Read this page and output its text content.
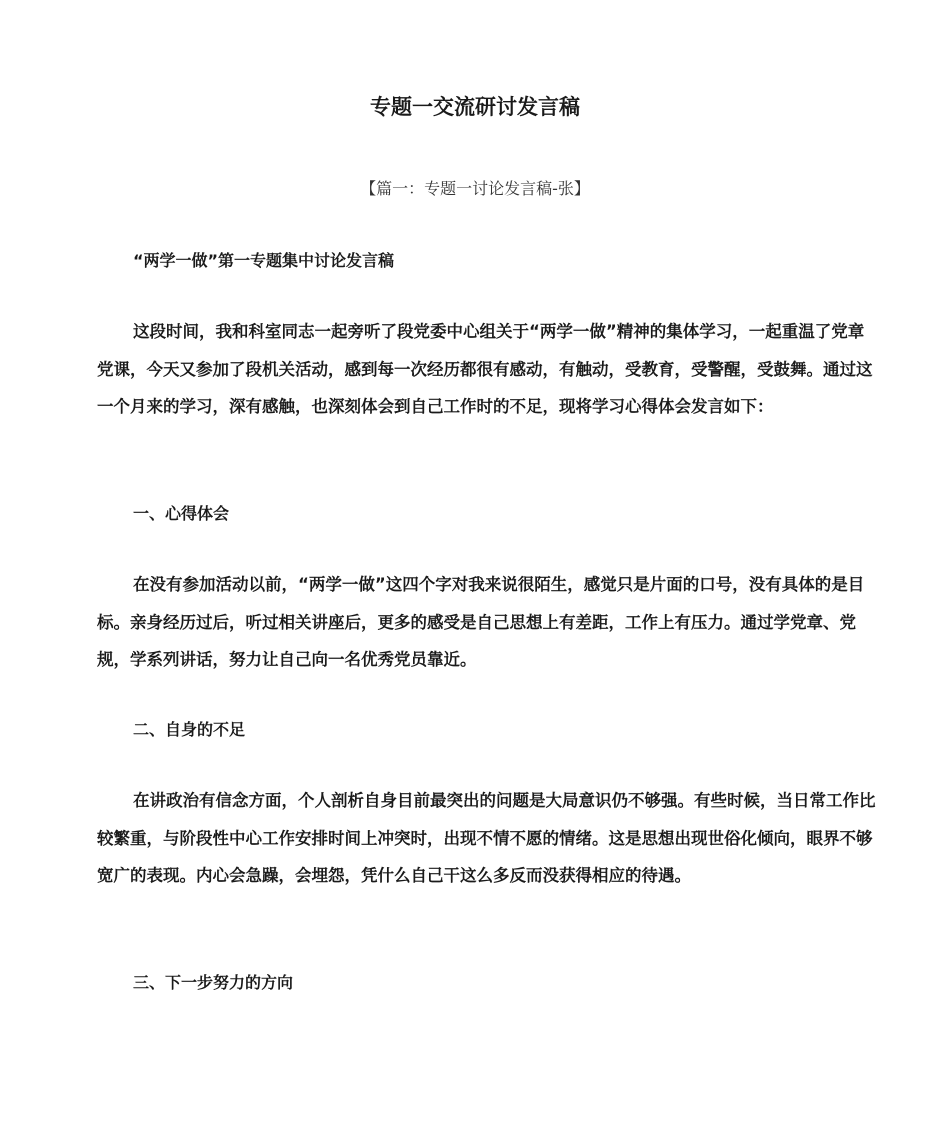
专题一交流研讨发言稿
【篇一：专题一讨论发言稿-张】
“两学一做”第一专题集中讨论发言稿
这段时间，我和科室同志一起旁听了段党委中心组关于“两学一做”精神的集体学习，一起重温了党章党课，今天又参加了段机关活动，感到每一次经历都很有感动，有触动，受教育，受警醒，受鼓舞。通过这一个月来的学习，深有感触，也深刻体会到自己工作时的不足，现将学习心得体会发言如下：
一、心得体会
在没有参加活动以前，“两学一做”这四个字对我来说很陌生，感觉只是片面的口号，没有具体的是目标。亲身经历过后，听过相关讲座后，更多的感受是自己思想上有差距，工作上有压力。通过学党章、党规，学系列讲话，努力让自己向一名优秀党员靠近。
二、自身的不足
在讲政治有信念方面，个人剖析自身目前最突出的问题是大局意识仍不够强。有些时候，当日常工作比较繁重，与阶段性中心工作安排时间上冲突时，出现不情不愿的情绪。这是思想出现世俗化倾向，眼界不够宽广的表现。内心会急躁，会埋怨，凭什么自己干这么多反而没获得相应的待遇。
三、下一步努力的方向
